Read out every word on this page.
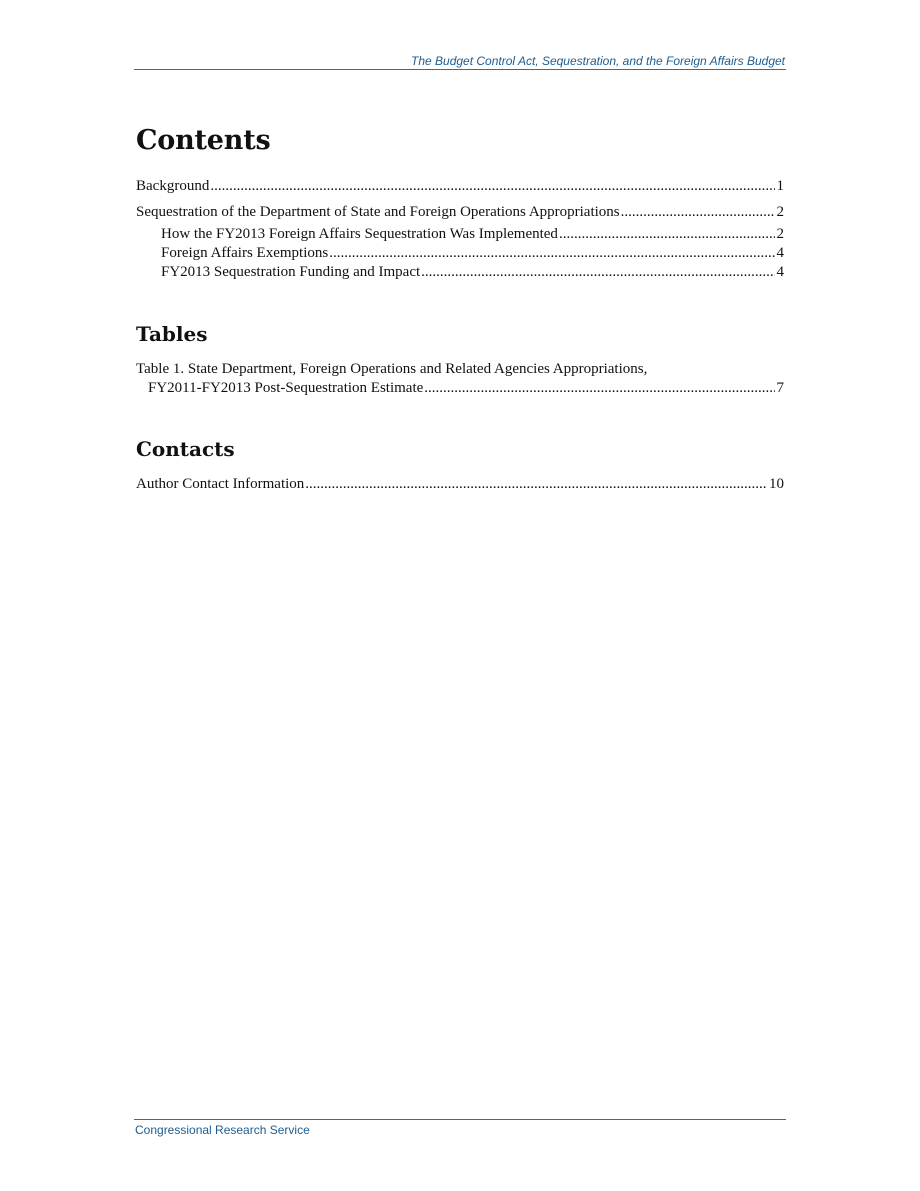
The Budget Control Act, Sequestration, and the Foreign Affairs Budget
Contents
Background .....	1
Sequestration of the Department of State and Foreign Operations Appropriations .....	2
How the FY2013 Foreign Affairs Sequestration Was Implemented .....	2
Foreign Affairs Exemptions .....	4
FY2013 Sequestration Funding and Impact .....	4
Tables
Table 1. State Department, Foreign Operations and Related Agencies Appropriations,
FY2011-FY2013 Post-Sequestration Estimate .....	7
Contacts
Author Contact Information .....	10
Congressional Research Service
